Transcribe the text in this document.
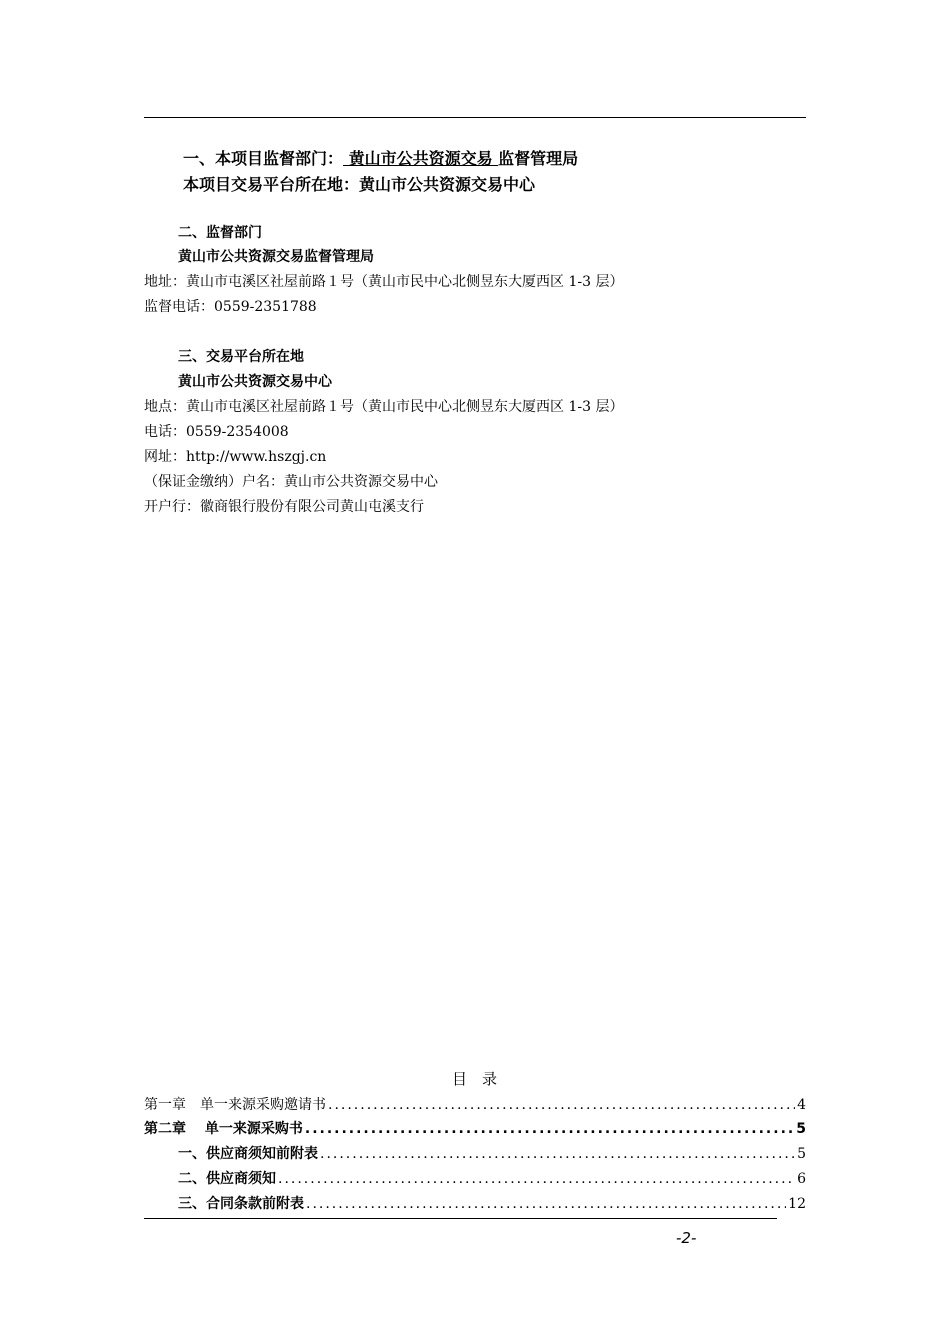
一、本项目监督部门： 黄山市公共资源交易 监督管理局
本项目交易平台所在地：黄山市公共资源交易中心
二、监督部门
黄山市公共资源交易监督管理局
地址：黄山市屯溪区社屋前路１号（黄山市民中心北侧昱东大厦西区 1-3 层）
监督电话：0559-2351788
三、交易平台所在地
黄山市公共资源交易中心
地点：黄山市屯溪区社屋前路１号（黄山市民中心北侧昱东大厦西区 1-3 层）
电话：0559-2354008
网址：http://www.hszgj.cn
（保证金缴纳）户名：黄山市公共资源交易中心
开户行：徽商银行股份有限公司黄山屯溪支行
目　录
第一章　单一来源采购邀请书 .....	4
第二章　 单一来源采购书 .....	5
一、供应商须知前附表 .....	5
二、供应商须知 .....	6
三、合同条款前附表 .....	12
-2-
